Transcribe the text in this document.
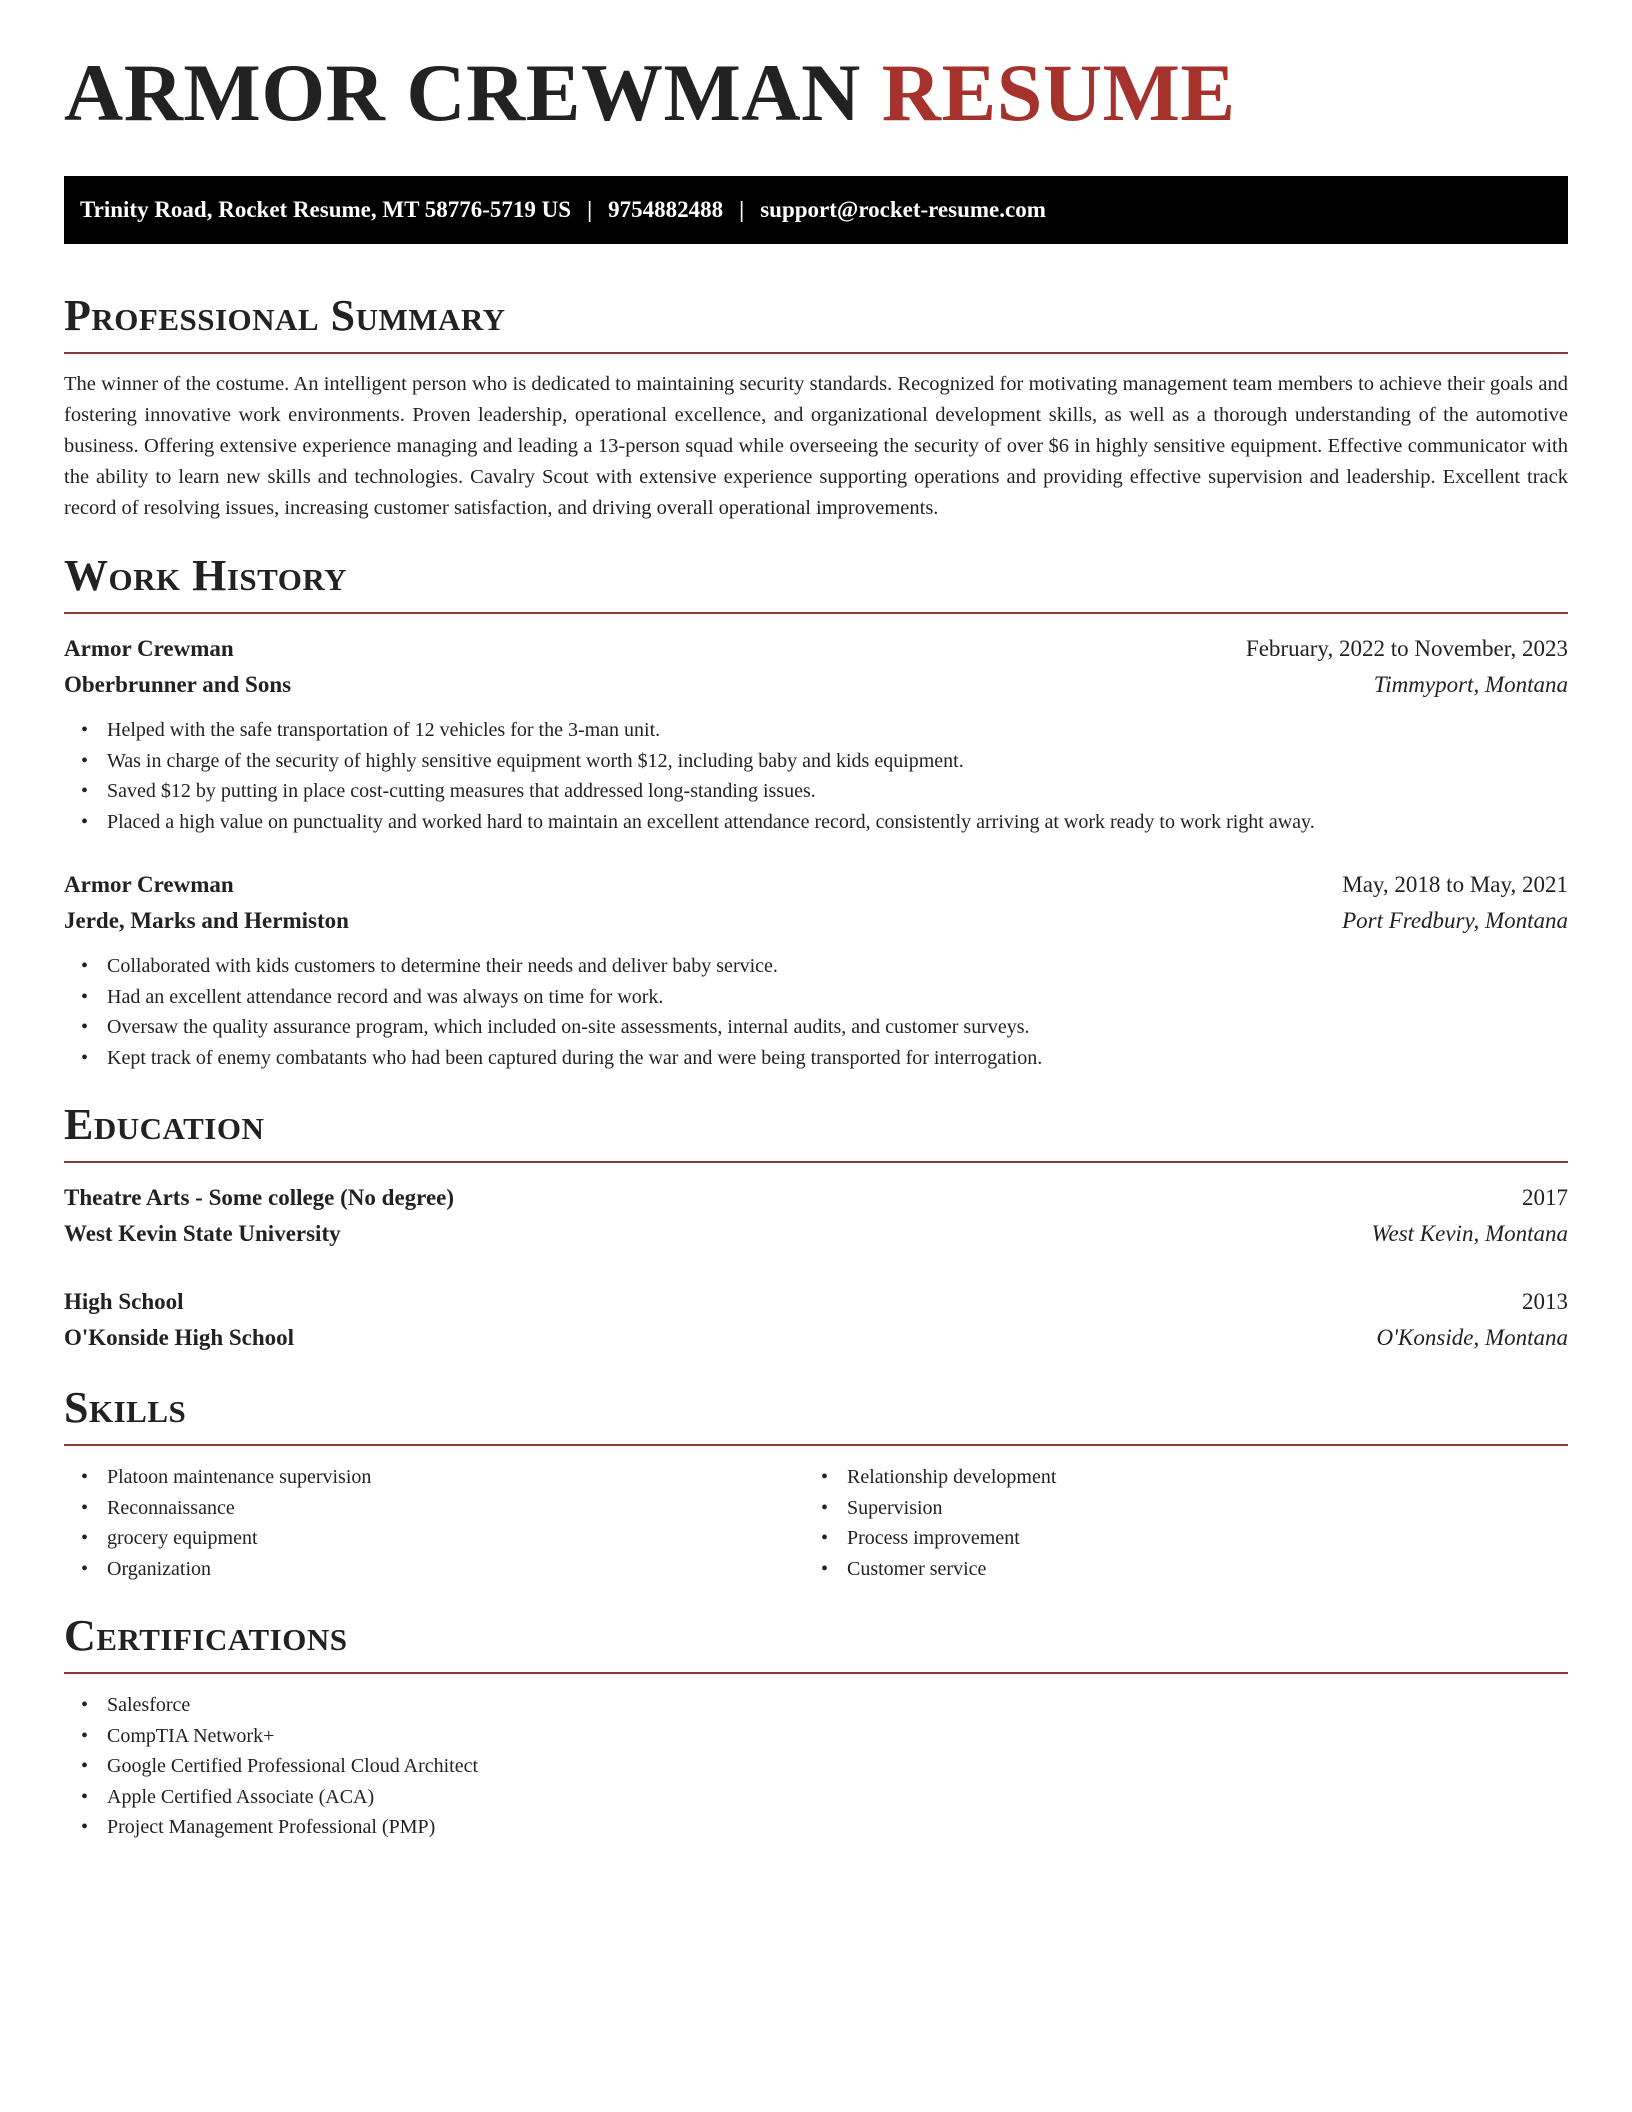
ARMOR CREWMAN RESUME
Trinity Road, Rocket Resume, MT 58776-5719 US | 9754882488 | support@rocket-resume.com
Professional Summary

The winner of the costume. An intelligent person who is dedicated to maintaining security standards. Recognized for motivating management team members to achieve their goals and fostering innovative work environments. Proven leadership, operational excellence, and organizational development skills, as well as a thorough understanding of the automotive business. Offering extensive experience managing and leading a 13-person squad while overseeing the security of over $6 in highly sensitive equipment. Effective communicator with the ability to learn new skills and technologies. Cavalry Scout with extensive experience supporting operations and providing effective supervision and leadership. Excellent track record of resolving issues, increasing customer satisfaction, and driving overall operational improvements.

Work History
Armor Crewman	February, 2022 to November, 2023
Oberbrunner and Sons	Timmyport, Montana
• Helped with the safe transportation of 12 vehicles for the 3-man unit.
• Was in charge of the security of highly sensitive equipment worth $12, including baby and kids equipment.
• Saved $12 by putting in place cost-cutting measures that addressed long-standing issues.
• Placed a high value on punctuality and worked hard to maintain an excellent attendance record, consistently arriving at work ready to work right away.
Armor Crewman	May, 2018 to May, 2021
Jerde, Marks and Hermiston	Port Fredbury, Montana
• Collaborated with kids customers to determine their needs and deliver baby service.
• Had an excellent attendance record and was always on time for work.
• Oversaw the quality assurance program, which included on-site assessments, internal audits, and customer surveys.
• Kept track of enemy combatants who had been captured during the war and were being transported for interrogation.
Education
Theatre Arts - Some college (No degree)	2017
West Kevin State University	West Kevin, Montana
High School	2013
O'Konside High School	O'Konside, Montana
Skills
• Platoon maintenance supervision
• Reconnaissance
• grocery equipment
• Organization
• Relationship development
• Supervision
• Process improvement
• Customer service
Certifications
• Salesforce
• CompTIA Network+
• Google Certified Professional Cloud Architect
• Apple Certified Associate (ACA)
• Project Management Professional (PMP)
